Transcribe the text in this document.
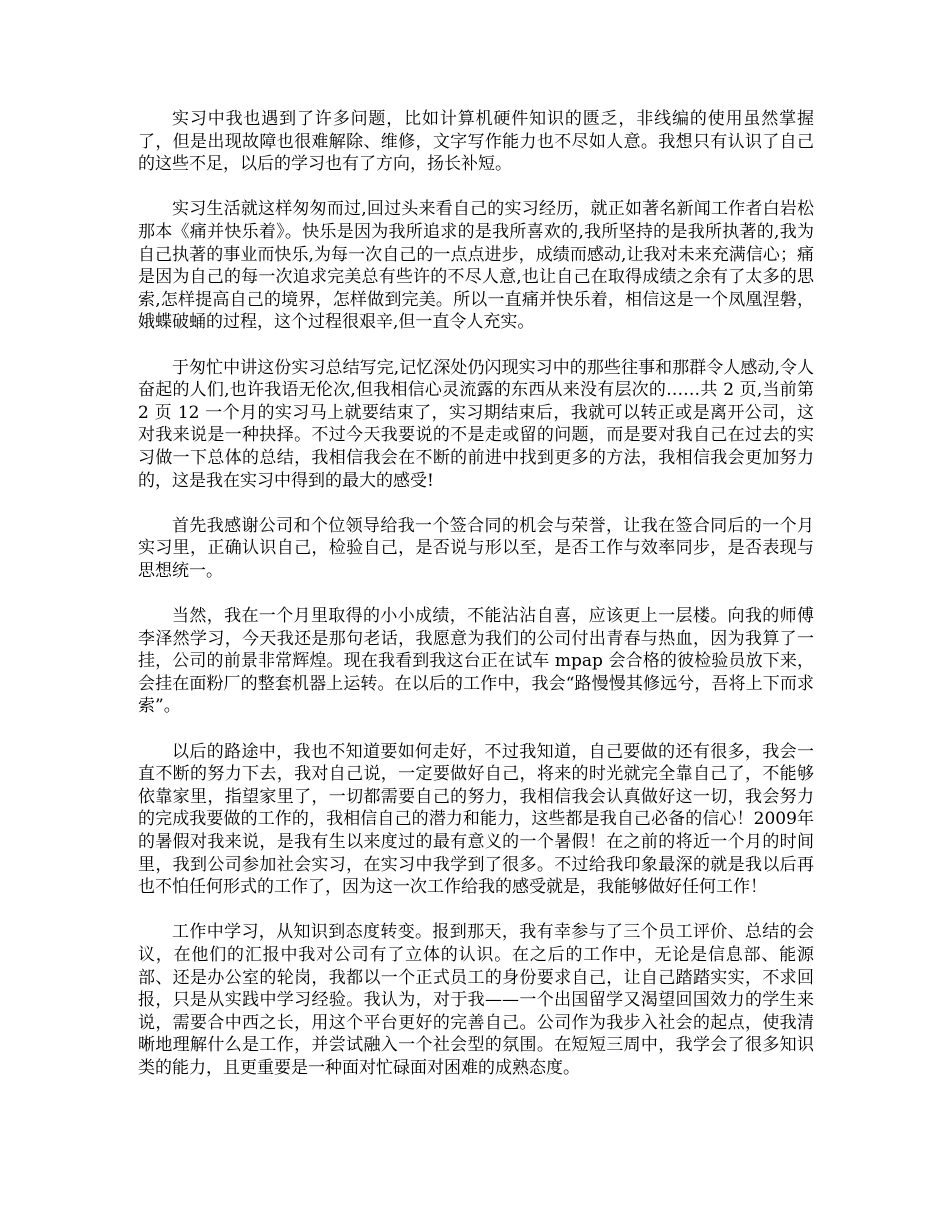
实习中我也遇到了许多问题，比如计算机硬件知识的匮乏，非线编的使用虽然掌握了，但是出现故障也很难解除、维修，文字写作能力也不尽如人意。我想只有认识了自己的这些不足，以后的学习也有了方向，扬长补短。

实习生活就这样匆匆而过,回过头来看自己的实习经历，就正如著名新闻工作者白岩松那本《痛并快乐着》。快乐是因为我所追求的是我所喜欢的,我所坚持的是我所执著的,我为自己执著的事业而快乐,为每一次自己的一点点进步，成绩而感动,让我对未来充满信心；痛是因为自己的每一次追求完美总有些许的不尽人意,也让自己在取得成绩之余有了太多的思索,怎样提高自己的境界，怎样做到完美。所以一直痛并快乐着，相信这是一个凤凰涅磐，娥蝶破蛹的过程，这个过程很艰辛,但一直令人充实。

于匆忙中讲这份实习总结写完,记忆深处仍闪现实习中的那些往事和那群令人感动,令人奋起的人们,也许我语无伦次,但我相信心灵流露的东西从来没有层次的……共 2 页,当前第 2 页 12 一个月的实习马上就要结束了，实习期结束后，我就可以转正或是离开公司，这对我来说是一种抉择。不过今天我要说的不是走或留的问题，而是要对我自己在过去的实习做一下总体的总结，我相信我会在不断的前进中找到更多的方法，我相信我会更加努力的，这是我在实习中得到的最大的感受!

首先我感谢公司和个位领导给我一个签合同的机会与荣誉，让我在签合同后的一个月实习里，正确认识自己，检验自己，是否说与形以至，是否工作与效率同步，是否表现与思想统一。

当然，我在一个月里取得的小小成绩，不能沾沾自喜，应该更上一层楼。向我的师傅李泽然学习，今天我还是那句老话，我愿意为我们的公司付出青春与热血，因为我算了一挂，公司的前景非常辉煌。现在我看到我这台正在试车 mpap 会合格的彼检验员放下来，会挂在面粉厂的整套机器上运转。在以后的工作中，我会“路慢慢其修远兮，吾将上下而求索”。

以后的路途中，我也不知道要如何走好，不过我知道，自己要做的还有很多，我会一直不断的努力下去，我对自己说，一定要做好自己，将来的时光就完全靠自己了，不能够依靠家里，指望家里了，一切都需要自己的努力，我相信我会认真做好这一切，我会努力的完成我要做的工作的，我相信自己的潜力和能力，这些都是我自己必备的信心！2009年的暑假对我来说，是我有生以来度过的最有意义的一个暑假！在之前的将近一个月的时间里，我到公司参加社会实习，在实习中我学到了很多。不过给我印象最深的就是我以后再也不怕任何形式的工作了，因为这一次工作给我的感受就是，我能够做好任何工作！

工作中学习，从知识到态度转变。报到那天，我有幸参与了三个员工评价、总结的会议，在他们的汇报中我对公司有了立体的认识。在之后的工作中，无论是信息部、能源部、还是办公室的轮岗，我都以一个正式员工的身份要求自己，让自己踏踏实实，不求回报，只是从实践中学习经验。我认为，对于我——一个出国留学又渴望回国效力的学生来说，需要合中西之长，用这个平台更好的完善自己。公司作为我步入社会的起点，使我清晰地理解什么是工作，并尝试融入一个社会型的氛围。在短短三周中，我学会了很多知识类的能力，且更重要是一种面对忙碌面对困难的成熟态度。
